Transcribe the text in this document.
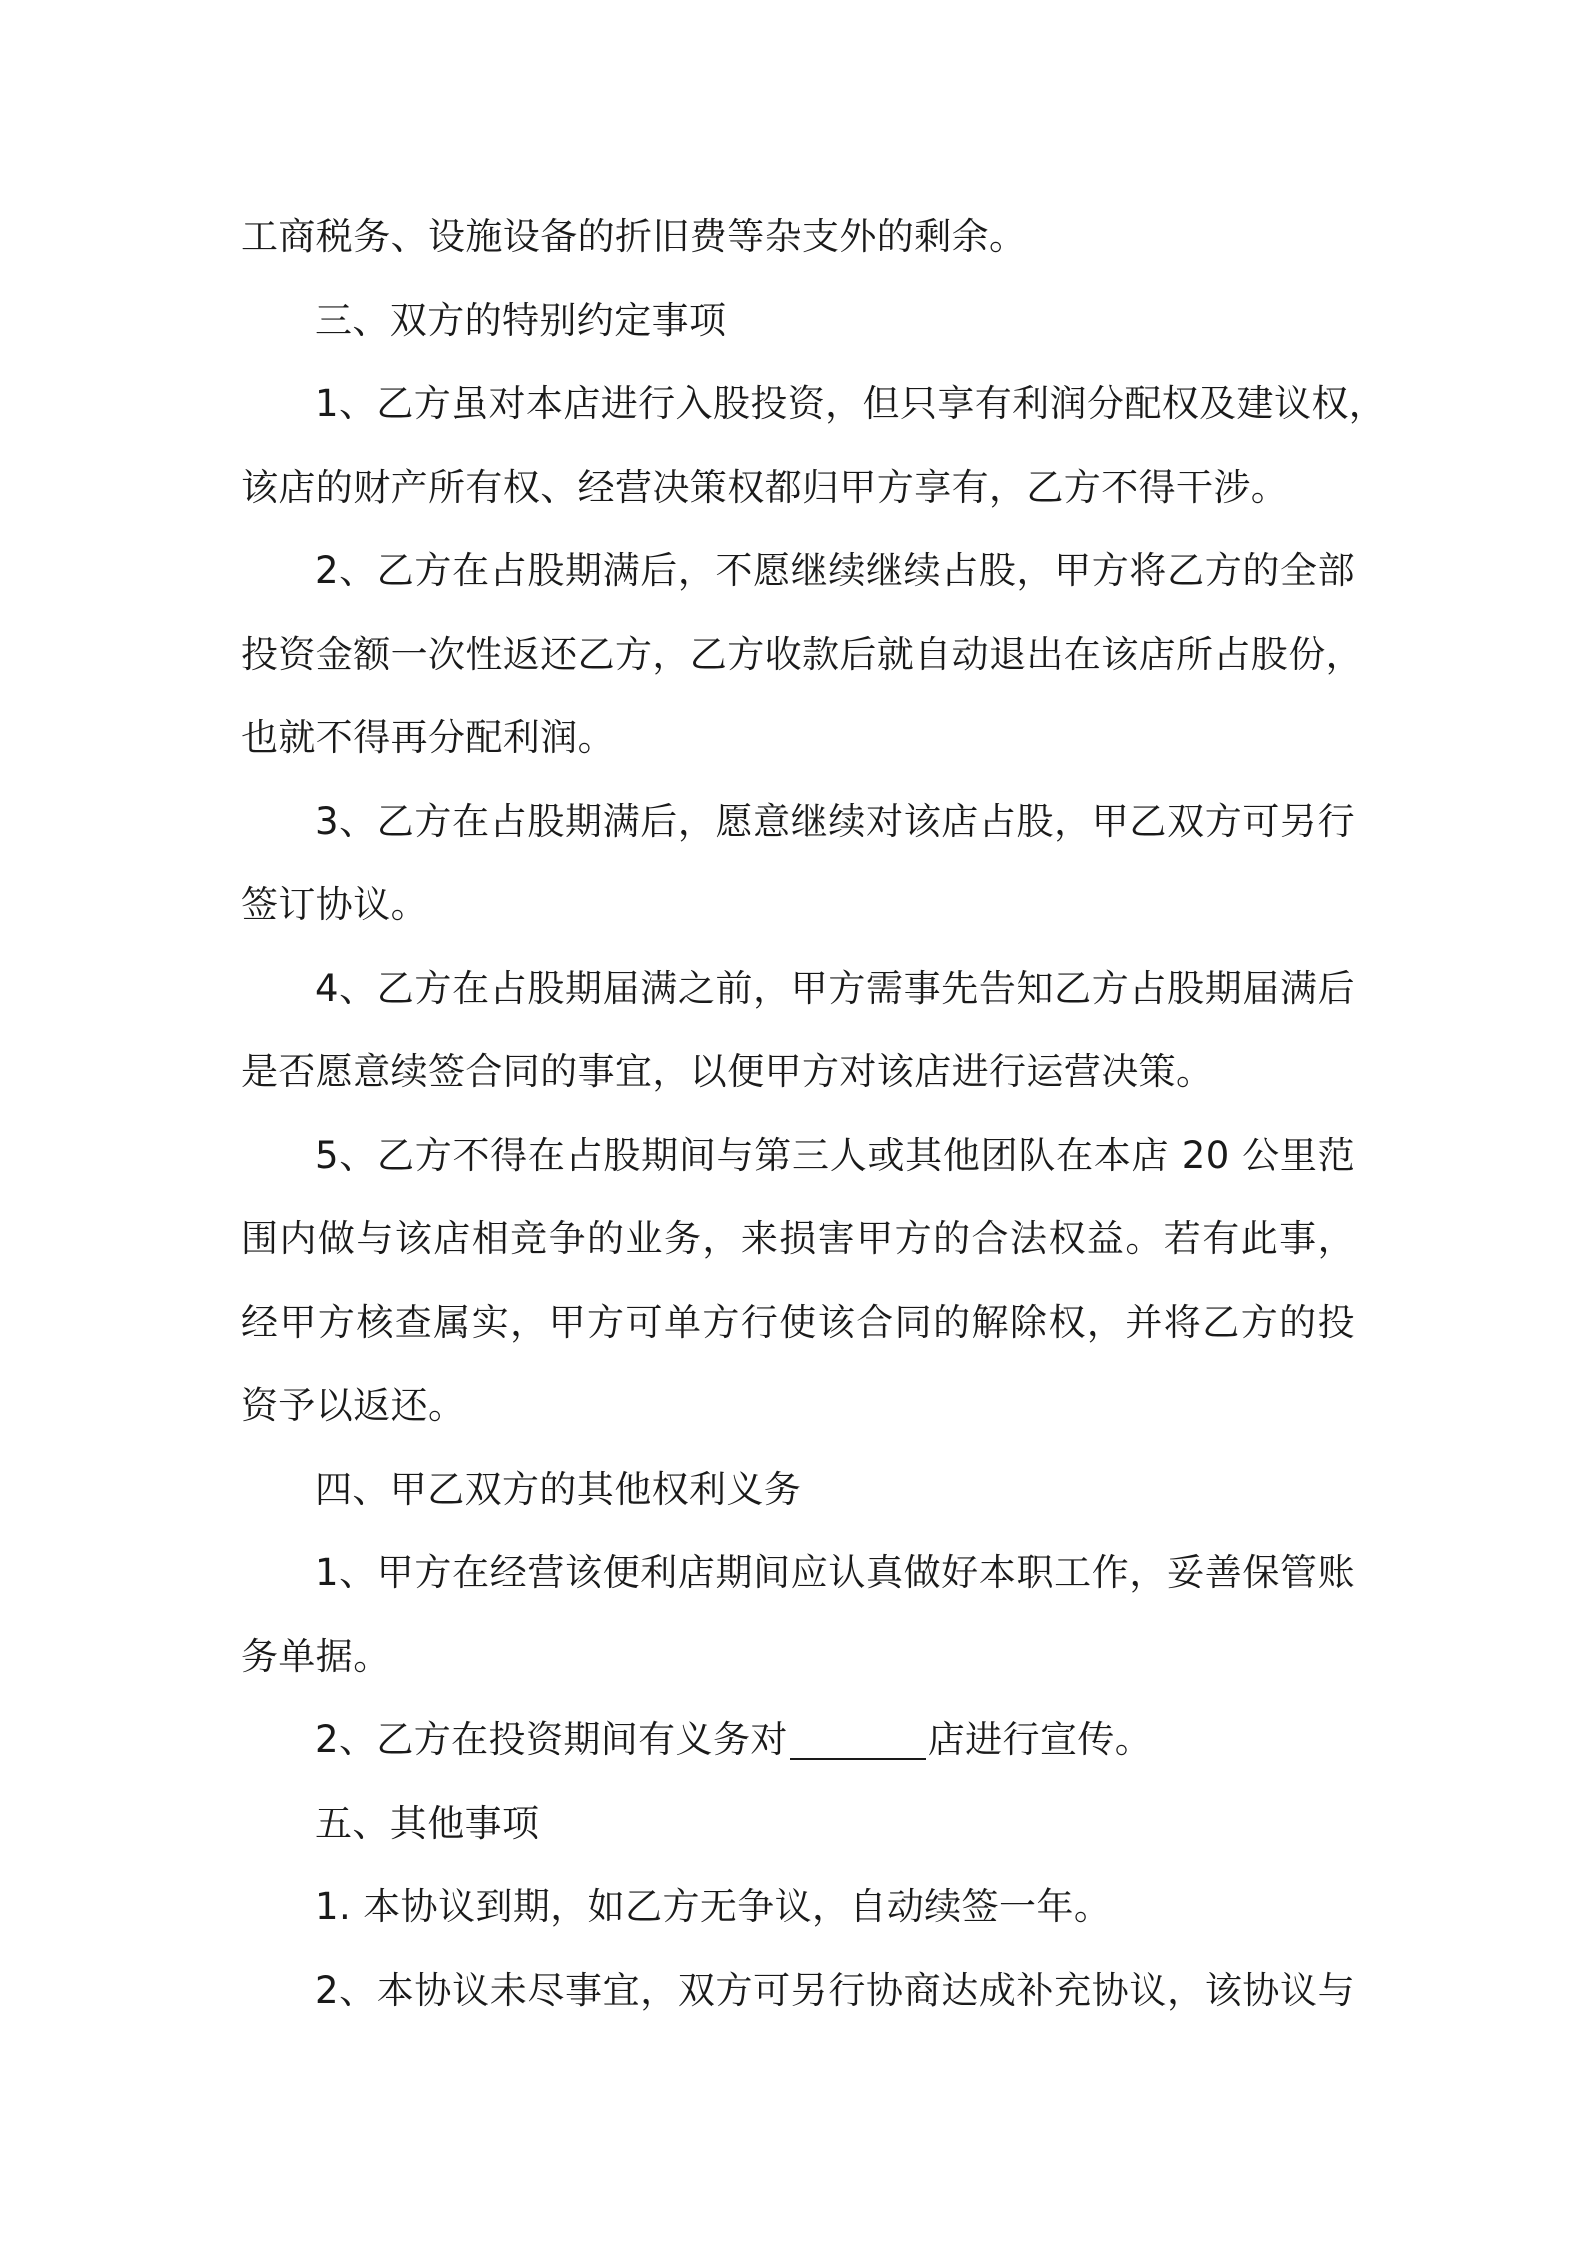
工商税务、设施设备的折旧费等杂支外的剩余。
三、双方的特别约定事项
1、乙方虽对本店进行入股投资，但只享有利润分配权及建议权，
该店的财产所有权、经营决策权都归甲方享有，乙方不得干涉。
2、乙方在占股期满后，不愿继续继续占股，甲方将乙方的全部
投资金额一次性返还乙方，乙方收款后就自动退出在该店所占股份，
也就不得再分配利润。
3、乙方在占股期满后，愿意继续对该店占股，甲乙双方可另行
签订协议。
4、乙方在占股期届满之前，甲方需事先告知乙方占股期届满后
是否愿意续签合同的事宜，以便甲方对该店进行运营决策。
5、乙方不得在占股期间与第三人或其他团队在本店 20 公里范
围内做与该店相竞争的业务，来损害甲方的合法权益。若有此事，
经甲方核查属实，甲方可单方行使该合同的解除权，并将乙方的投
资予以返还。
四、甲乙双方的其他权利义务
1、甲方在经营该便利店期间应认真做好本职工作，妥善保管账
务单据。
2、乙方在投资期间有义务对	店进行宣传。
五、其他事项
1. 本协议到期，如乙方无争议，自动续签一年。
2、本协议未尽事宜，双方可另行协商达成补充协议，该协议与
